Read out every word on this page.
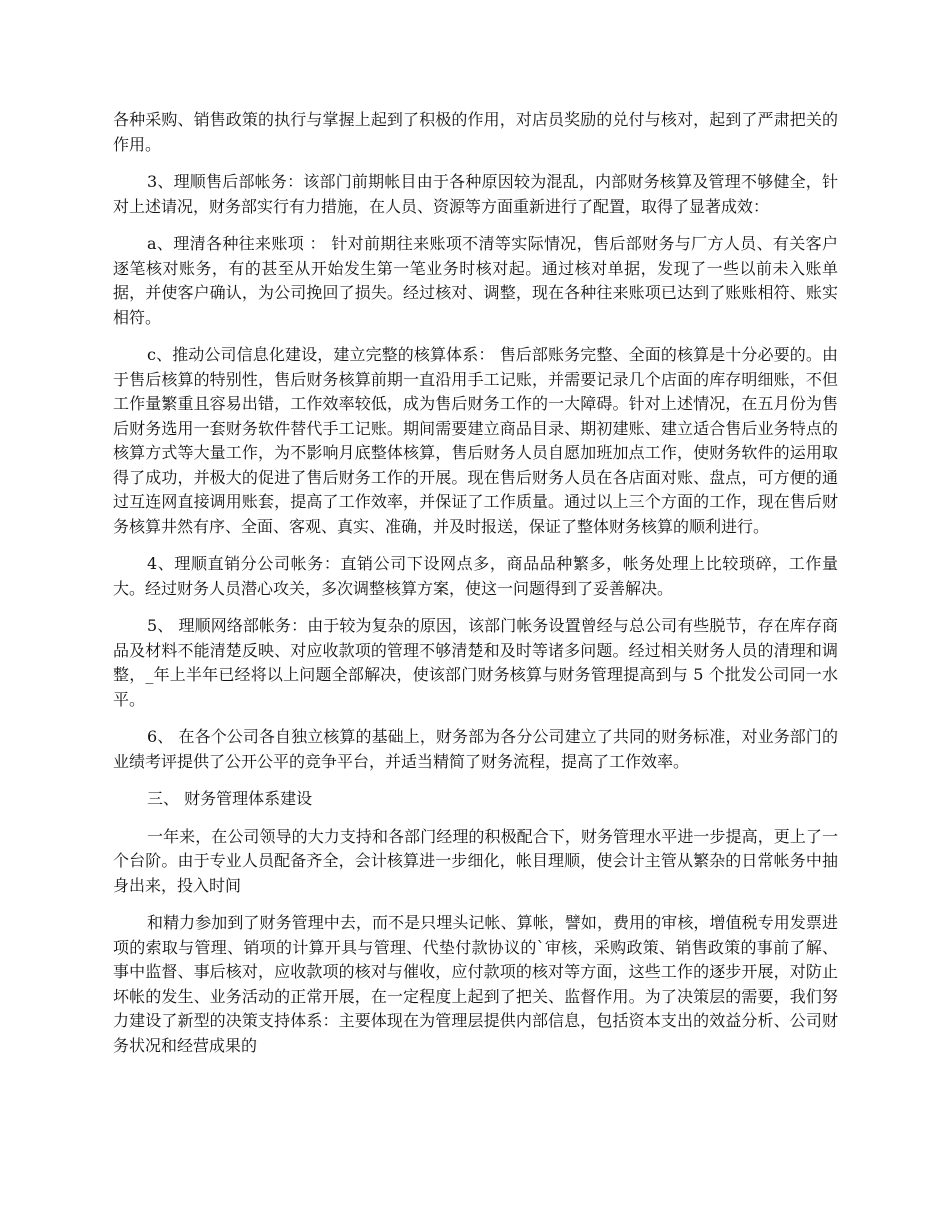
各种采购、销售政策的执行与掌握上起到了积极的作用，对店员奖励的兑付与核对，起到了严肃把关的作用。

3、理顺售后部帐务：该部门前期帐目由于各种原因较为混乱，内部财务核算及管理不够健全，针对上述请况，财务部实行有力措施，在人员、资源等方面重新进行了配置，取得了显著成效：

a、理清各种往来账项 ： 针对前期往来账项不清等实际情况，售后部财务与厂方人员、有关客户逐笔核对账务，有的甚至从开始发生第一笔业务时核对起。通过核对单据，发现了一些以前未入账单据，并使客户确认，为公司挽回了损失。经过核对、调整，现在各种往来账项已达到了账账相符、账实相符。

c、推动公司信息化建设，建立完整的核算体系： 售后部账务完整、全面的核算是十分必要的。由于售后核算的特别性，售后财务核算前期一直沿用手工记账，并需要记录几个店面的库存明细账，不但工作量繁重且容易出错，工作效率较低，成为售后财务工作的一大障碍。针对上述情况，在五月份为售后财务选用一套财务软件替代手工记账。期间需要建立商品目录、期初建账、建立适合售后业务特点的核算方式等大量工作，为不影响月底整体核算，售后财务人员自愿加班加点工作，使财务软件的运用取得了成功，并极大的促进了售后财务工作的开展。现在售后财务人员在各店面对账、盘点，可方便的通过互连网直接调用账套，提高了工作效率，并保证了工作质量。通过以上三个方面的工作，现在售后财务核算井然有序、全面、客观、真实、准确，并及时报送，保证了整体财务核算的顺利进行。

4、理顺直销分公司帐务：直销公司下设网点多，商品品种繁多，帐务处理上比较琐碎，工作量大。经过财务人员潜心攻关，多次调整核算方案，使这一问题得到了妥善解决。

5、 理顺网络部帐务：由于较为复杂的原因，该部门帐务设置曾经与总公司有些脱节，存在库存商品及材料不能清楚反映、对应收款项的管理不够清楚和及时等诸多问题。经过相关财务人员的清理和调整，_年上半年已经将以上问题全部解决，使该部门财务核算与财务管理提高到与 5 个批发公司同一水平。

6、 在各个公司各自独立核算的基础上，财务部为各分公司建立了共同的财务标准，对业务部门的业绩考评提供了公开公平的竞争平台，并适当精简了财务流程，提高了工作效率。

三、 财务管理体系建设

一年来，在公司领导的大力支持和各部门经理的积极配合下，财务管理水平进一步提高，更上了一个台阶。由于专业人员配备齐全，会计核算进一步细化，帐目理顺，使会计主管从繁杂的日常帐务中抽身出来，投入时间

和精力参加到了财务管理中去，而不是只埋头记帐、算帐，譬如，费用的审核，增值税专用发票进项的索取与管理、销项的计算开具与管理、代垫付款协议的`审核，采购政策、销售政策的事前了解、事中监督、事后核对，应收款项的核对与催收，应付款项的核对等方面，这些工作的逐步开展，对防止坏帐的发生、业务活动的正常开展，在一定程度上起到了把关、监督作用。为了决策层的需要，我们努力建设了新型的决策支持体系：主要体现在为管理层提供内部信息，包括资本支出的效益分析、公司财务状况和经营成果的
